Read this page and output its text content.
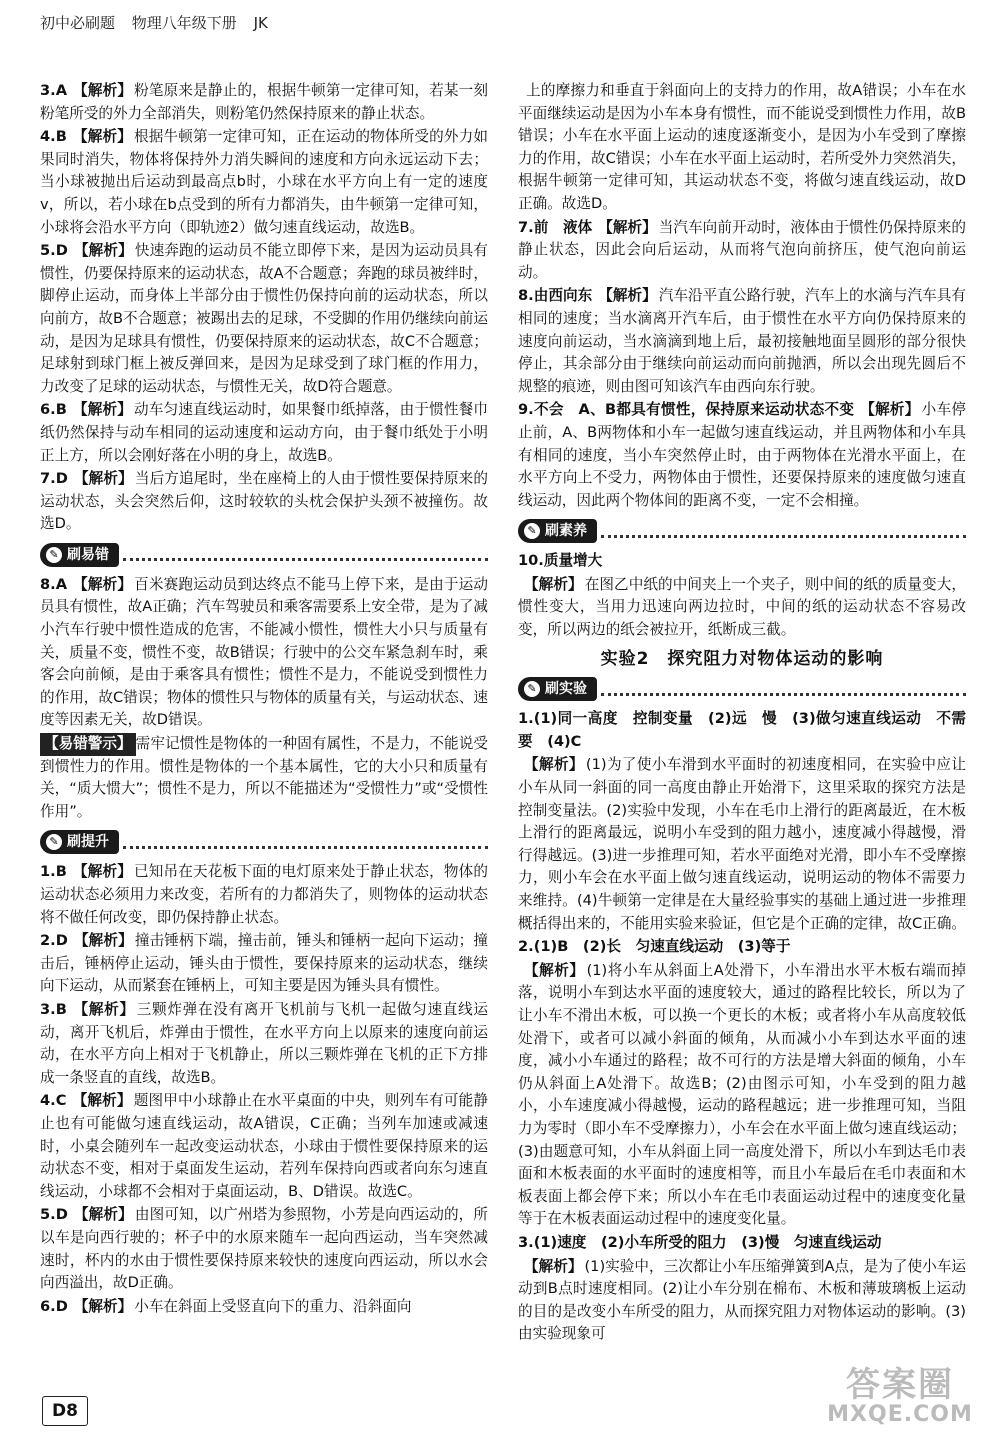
初中必刷题 物理八年级下册 JK
3.A 【解析】 粉笔原来是静止的，根据牛顿第一定律可知，若某一刻粉笔所受的外力全部消失，则粉笔仍然保持原来的静止状态。
4.B 【解析】 根据牛顿第一定律可知，正在运动的物体所受的外力如果同时消失，物体将保持外力消失瞬间的速度和方向永远运动下去；当小球被抛出后运动到最高点b时，小球在水平方向上有一定的速度v，所以，若小球在b点受到的所有力都消失，由牛顿第一定律可知，小球将会沿水平方向（即轨迹2）做匀速直线运动，故选B。
5.D 【解析】 快速奔跑的运动员不能立即停下来，是因为运动员具有惯性，仍要保持原来的运动状态，故A不合题意；奔跑的球员被绊时，脚停止运动，而身体上半部分由于惯性仍保持向前的运动状态，所以向前方，故B不合题意；被踢出去的足球，不受脚的作用仍继续向前运动，是因为足球具有惯性，仍要保持原来的运动状态，故C不合题意；足球射到球门框上被反弹回来，是因为足球受到了球门框的作用力，力改变了足球的运动状态，与惯性无关，故D符合题意。
6.B 【解析】 动车匀速直线运动时，如果餐巾纸掉落，由于惯性餐巾纸仍然保持与动车相同的运动速度和运动方向，由于餐巾纸处于小明正上方，所以会刚好落在小明的身上，故选B。
7.D 【解析】 当后方追尾时，坐在座椅上的人由于惯性要保持原来的运动状态，头会突然后仰，这时较软的头枕会保护头颈不被撞伤。故选D。
✎ 刷易错
8.A 【解析】 百米赛跑运动员到达终点不能马上停下来，是由于运动员具有惯性，故A正确；汽车驾驶员和乘客需要系上安全带，是为了减小汽车行驶中惯性造成的危害，不能减小惯性，惯性大小只与质量有关，质量不变，惯性不变，故B错误；行驶中的公交车紧急刹车时，乘客会向前倾，是由于乘客具有惯性；惯性不是力，不能说受到惯性力的作用，故C错误；物体的惯性只与物体的质量有关，与运动状态、速度等因素无关，故D错误。
【易错警示】 需牢记惯性是物体的一种固有属性，不是力，不能说受到惯性力的作用。惯性是物体的一个基本属性，它的大小只和质量有关，“质大惯大”；惯性不是力，所以不能描述为“受惯性力”或“受惯性作用”。
✎ 刷提升
1.B 【解析】 已知吊在天花板下面的电灯原来处于静止状态，物体的运动状态必须用力来改变，若所有的力都消失了，则物体的运动状态将不做任何改变，即仍保持静止状态。
2.D 【解析】 撞击锤柄下端，撞击前，锤头和锤柄一起向下运动；撞击后，锤柄停止运动，锤头由于惯性，要保持原来的运动状态，继续向下运动，从而紧套在锤柄上，可知主要是因为锤头具有惯性。
3.B 【解析】 三颗炸弹在没有离开飞机前与飞机一起做匀速直线运动，离开飞机后，炸弹由于惯性，在水平方向上以原来的速度向前运动，在水平方向上相对于飞机静止，所以三颗炸弹在飞机的正下方排成一条竖直的直线，故选B。
4.C 【解析】 题图甲中小球静止在水平桌面的中央，则列车有可能静止也有可能做匀速直线运动，故A错误，C正确；当列车加速或减速时，小桌会随列车一起改变运动状态，小球由于惯性要保持原来的运动状态不变，相对于桌面发生运动，若列车保持向西或者向东匀速直线运动，小球都不会相对于桌面运动，B、D错误。故选C。
5.D 【解析】 由图可知，以广州塔为参照物，小芳是向西运动的，所以车是向西行驶的；杯子中的水原来随车一起向西运动，当车突然减速时，杯内的水由于惯性要保持原来较快的速度向西运动，所以水会向西溢出，故D正确。
6.D 【解析】 小车在斜面上受竖直向下的重力、沿斜面向
上的摩擦力和垂直于斜面向上的支持力的作用，故A错误；小车在水平面继续运动是因为小车本身有惯性，而不能说受到惯性力作用，故B错误；小车在水平面上运动的速度逐渐变小，是因为小车受到了摩擦力的作用，故C错误；小车在水平面上运动时，若所受外力突然消失，根据牛顿第一定律可知，其运动状态不变，将做匀速直线运动，故D正确。故选D。
7.前　液体 【解析】 当汽车向前开动时，液体由于惯性仍保持原来的静止状态，因此会向后运动，从而将气泡向前挤压，使气泡向前运动。
8.由西向东 【解析】 汽车沿平直公路行驶，汽车上的水滴与汽车具有相同的速度；当水滴离开汽车后，由于惯性在水平方向仍保持原来的速度向前运动，当水滴滴到地上后，最初接触地面呈圆形的部分很快停止，其余部分由于继续向前运动而向前抛洒，所以会出现先圆后不规整的痕迹，则由图可知该汽车由西向东行驶。
9.不会　A、B都具有惯性，保持原来运动状态不变 【解析】 小车停止前，A、B两物体和小车一起做匀速直线运动，并且两物体和小车具有相同的速度，当小车突然停止时，由于两物体在光滑水平面上，在水平方向上不受力，两物体由于惯性，还要保持原来的速度做匀速直线运动，因此两个物体间的距离不变，一定不会相撞。
✎ 刷素养
10.质量增大
【解析】 在图乙中纸的中间夹上一个夹子，则中间的纸的质量变大，惯性变大，当用力迅速向两边拉时，中间的纸的运动状态不容易改变，所以两边的纸会被拉开，纸断成三截。
实验2　探究阻力对物体运动的影响
✎ 刷实验
1.(1)同一高度　控制变量　(2)远　慢　(3)做匀速直线运动　不需要　(4)C
【解析】 (1)为了使小车滑到水平面时的初速度相同，在实验中应让小车从同一斜面的同一高度由静止开始滑下，这里采取的探究方法是控制变量法。(2)实验中发现，小车在毛巾上滑行的距离最近，在木板上滑行的距离最远，说明小车受到的阻力越小，速度减小得越慢，滑行得越远。(3)进一步推理可知，若水平面绝对光滑，即小车不受摩擦力，则小车会在水平面上做匀速直线运动，说明运动的物体不需要力来维持。(4)牛顿第一定律是在大量经验事实的基础上通过进一步推理概括得出来的，不能用实验来验证，但它是个正确的定律，故C正确。
2.(1)B　(2)长　匀速直线运动　(3)等于
【解析】 (1)将小车从斜面上A处滑下，小车滑出水平木板右端而掉落，说明小车到达水平面的速度较大，通过的路程比较长，所以为了让小车不滑出木板，可以换一个更长的木板；或者将小车从高度较低处滑下，或者可以减小斜面的倾角，从而减小小车到达水平面的速度，减小小车通过的路程；故不可行的方法是增大斜面的倾角，小车仍从斜面上A处滑下。故选B；(2)由图示可知，小车受到的阻力越小，小车速度减小得越慢，运动的路程越远；进一步推理可知，当阻力为零时（即小车不受摩擦力），小车会在水平面上做匀速直线运动；(3)由题意可知，小车从斜面上同一高度处滑下，所以小车到达毛巾表面和木板表面的水平面时的速度相等，而且小车最后在毛巾表面和木板表面上都会停下来；所以小车在毛巾表面运动过程中的速度变化量等于在木板表面运动过程中的速度变化量。
3.(1)速度　(2)小车所受的阻力　(3)慢　匀速直线运动
【解析】 (1)实验中，三次都让小车压缩弹簧到A点，是为了使小车运动到B点时速度相同。(2)让小车分别在棉布、木板和薄玻璃板上运动的目的是改变小车所受的阻力，从而探究阻力对物体运动的影响。(3)由实验现象可
D8
答案圈
MXQE.COM
